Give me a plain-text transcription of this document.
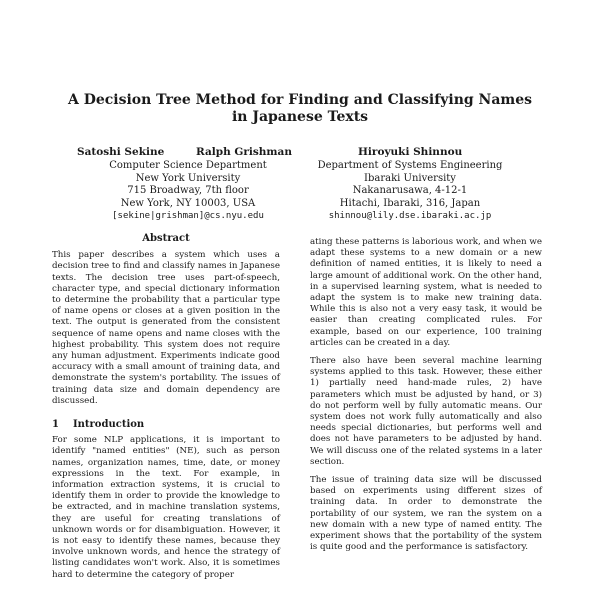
A Decision Tree Method for Finding and Classifying Names
in Japanese Texts
Satoshi Sekine	Ralph Grishman	Hiroyuki Shinnou
Computer Science Department
New York University
715 Broadway, 7th floor
New York, NY 10003, USA
[sekine|grishman]@cs.nyu.edu
Department of Systems Engineering
Ibaraki University
Nakanarusawa, 4-12-1
Hitachi, Ibaraki, 316, Japan
shinnou@lily.dse.ibaraki.ac.jp
Abstract

This paper describes a system which uses a decision tree to find and classify names in Japanese texts. The decision tree uses part-of-speech, character type, and special dictionary information to determine the probability that a particular type of name opens or closes at a given position in the text. The output is generated from the consistent sequence of name opens and name closes with the highest probability. This system does not require any human adjustment. Experiments indicate good accuracy with a small amount of training data, and demonstrate the system's portability. The issues of training data size and domain dependency are discussed.

1 Introduction

For some NLP applications, it is important to identify "named entities" (NE), such as person names, organization names, time, date, or money expressions in the text. For example, in information extraction systems, it is crucial to identify them in order to provide the knowledge to be extracted, and in machine translation systems, they are useful for creating translations of unknown words or for disambiguation. However, it is not easy to identify these names, because they involve unknown words, and hence the strategy of listing candidates won't work. Also, it is sometimes hard to determine the category of proper

ating these patterns is laborious work, and when we adapt these systems to a new domain or a new definition of named entities, it is likely to need a large amount of additional work. On the other hand, in a supervised learning system, what is needed to adapt the system is to make new training data. While this is also not a very easy task, it would be easier than creating complicated rules. For example, based on our experience, 100 training articles can be created in a day.

There also have been several machine learning systems applied to this task. However, these either 1) partially need hand-made rules, 2) have parameters which must be adjusted by hand, or 3) do not perform well by fully automatic means. Our system does not work fully automatically and also needs special dictionaries, but performs well and does not have parameters to be adjusted by hand. We will discuss one of the related systems in a later section.

The issue of training data size will be discussed based on experiments using different sizes of training data. In order to demonstrate the portability of our system, we ran the system on a new domain with a new type of named entity. The experiment shows that the portability of the system is quite good and the performance is satisfactory.
